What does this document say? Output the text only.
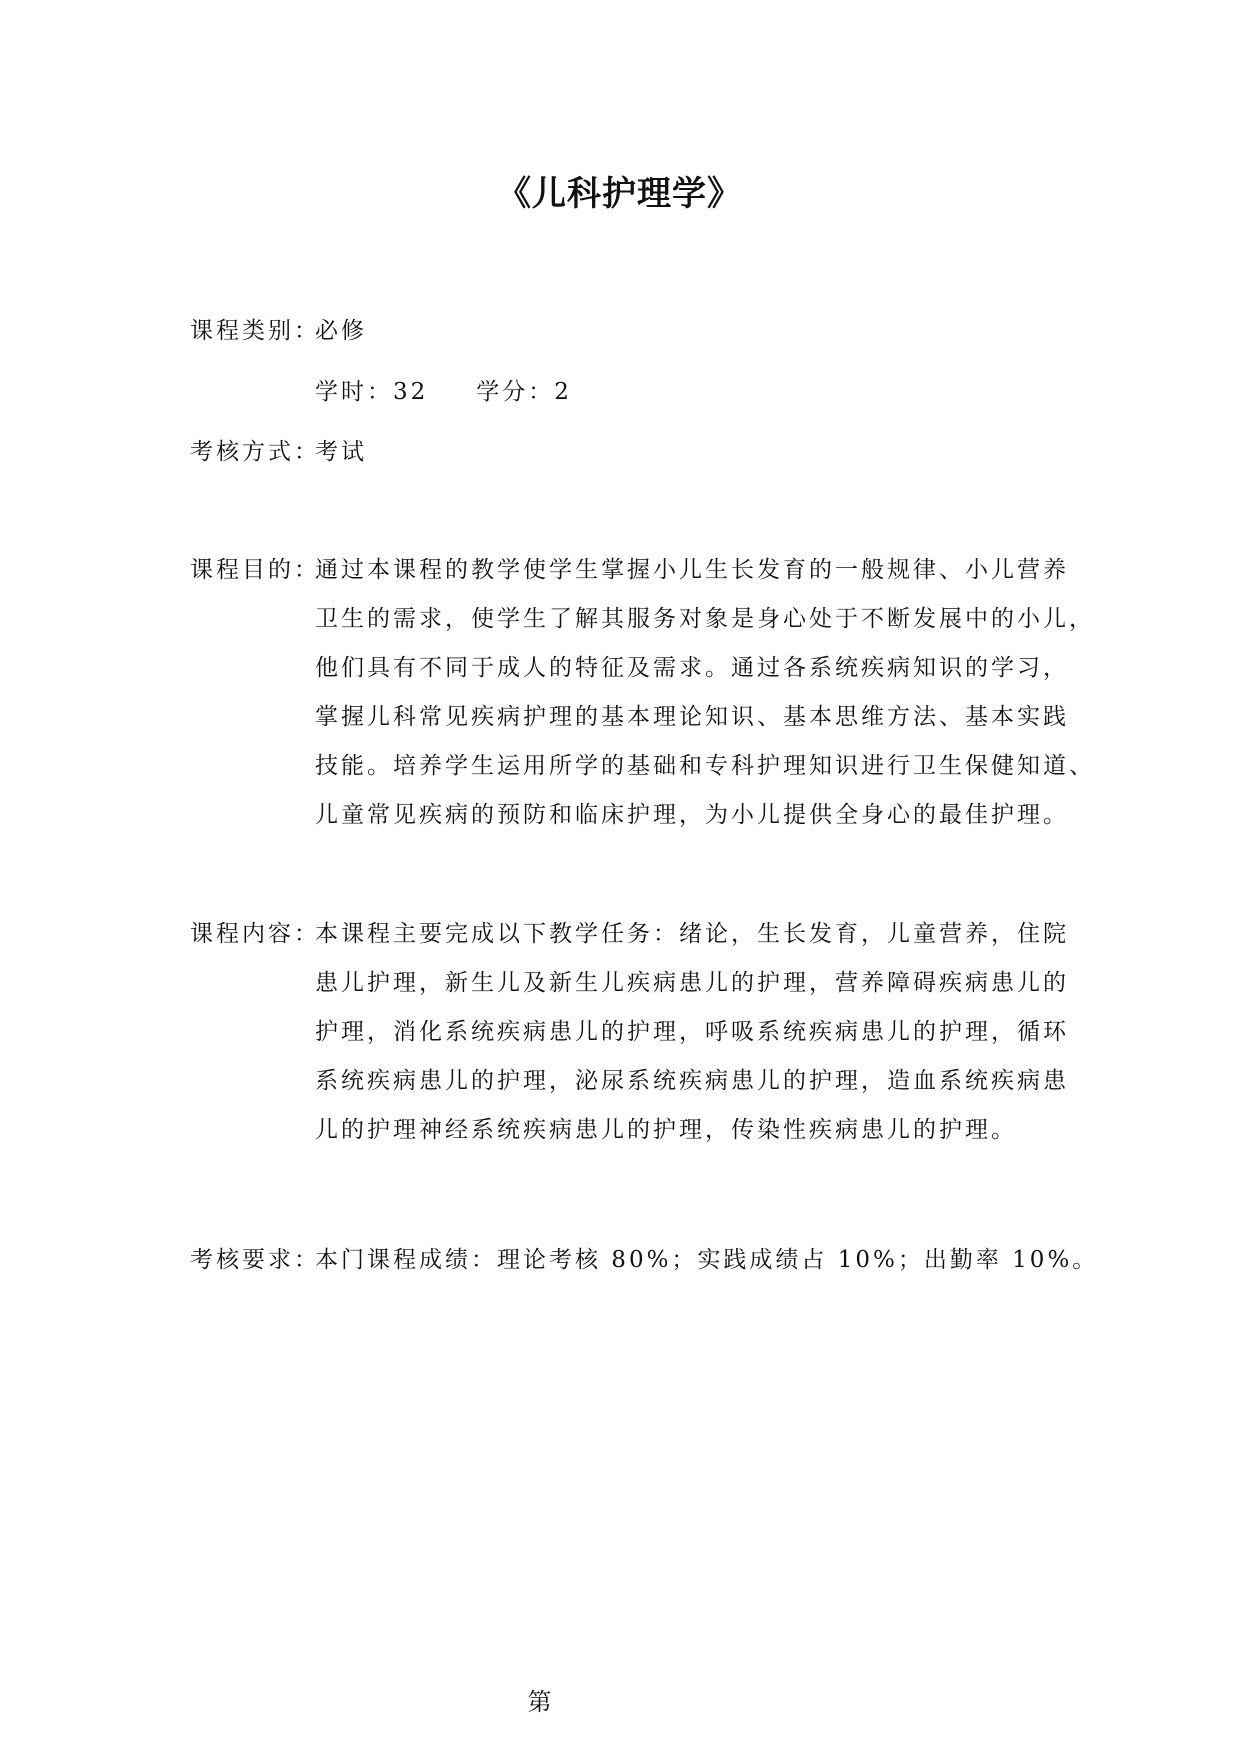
《儿科护理学》
课程类别：必修
学时：32 学分：2
考核方式：考试
课程目的：
通过本课程的教学使学生掌握小儿生长发育的一般规律、小儿营养
卫生的需求，使学生了解其服务对象是身心处于不断发展中的小儿，
他们具有不同于成人的特征及需求。通过各系统疾病知识的学习，
掌握儿科常见疾病护理的基本理论知识、基本思维方法、基本实践
技能。培养学生运用所学的基础和专科护理知识进行卫生保健知道、
儿童常见疾病的预防和临床护理，为小儿提供全身心的最佳护理。
课程内容：
本课程主要完成以下教学任务：绪论，生长发育，儿童营养，住院
患儿护理，新生儿及新生儿疾病患儿的护理，营养障碍疾病患儿的
护理，消化系统疾病患儿的护理，呼吸系统疾病患儿的护理，循环
系统疾病患儿的护理，泌尿系统疾病患儿的护理，造血系统疾病患
儿的护理神经系统疾病患儿的护理，传染性疾病患儿的护理。
考核要求：本门课程成绩：理论考核 80%；实践成绩占 10%；出勤率 10%。
第
